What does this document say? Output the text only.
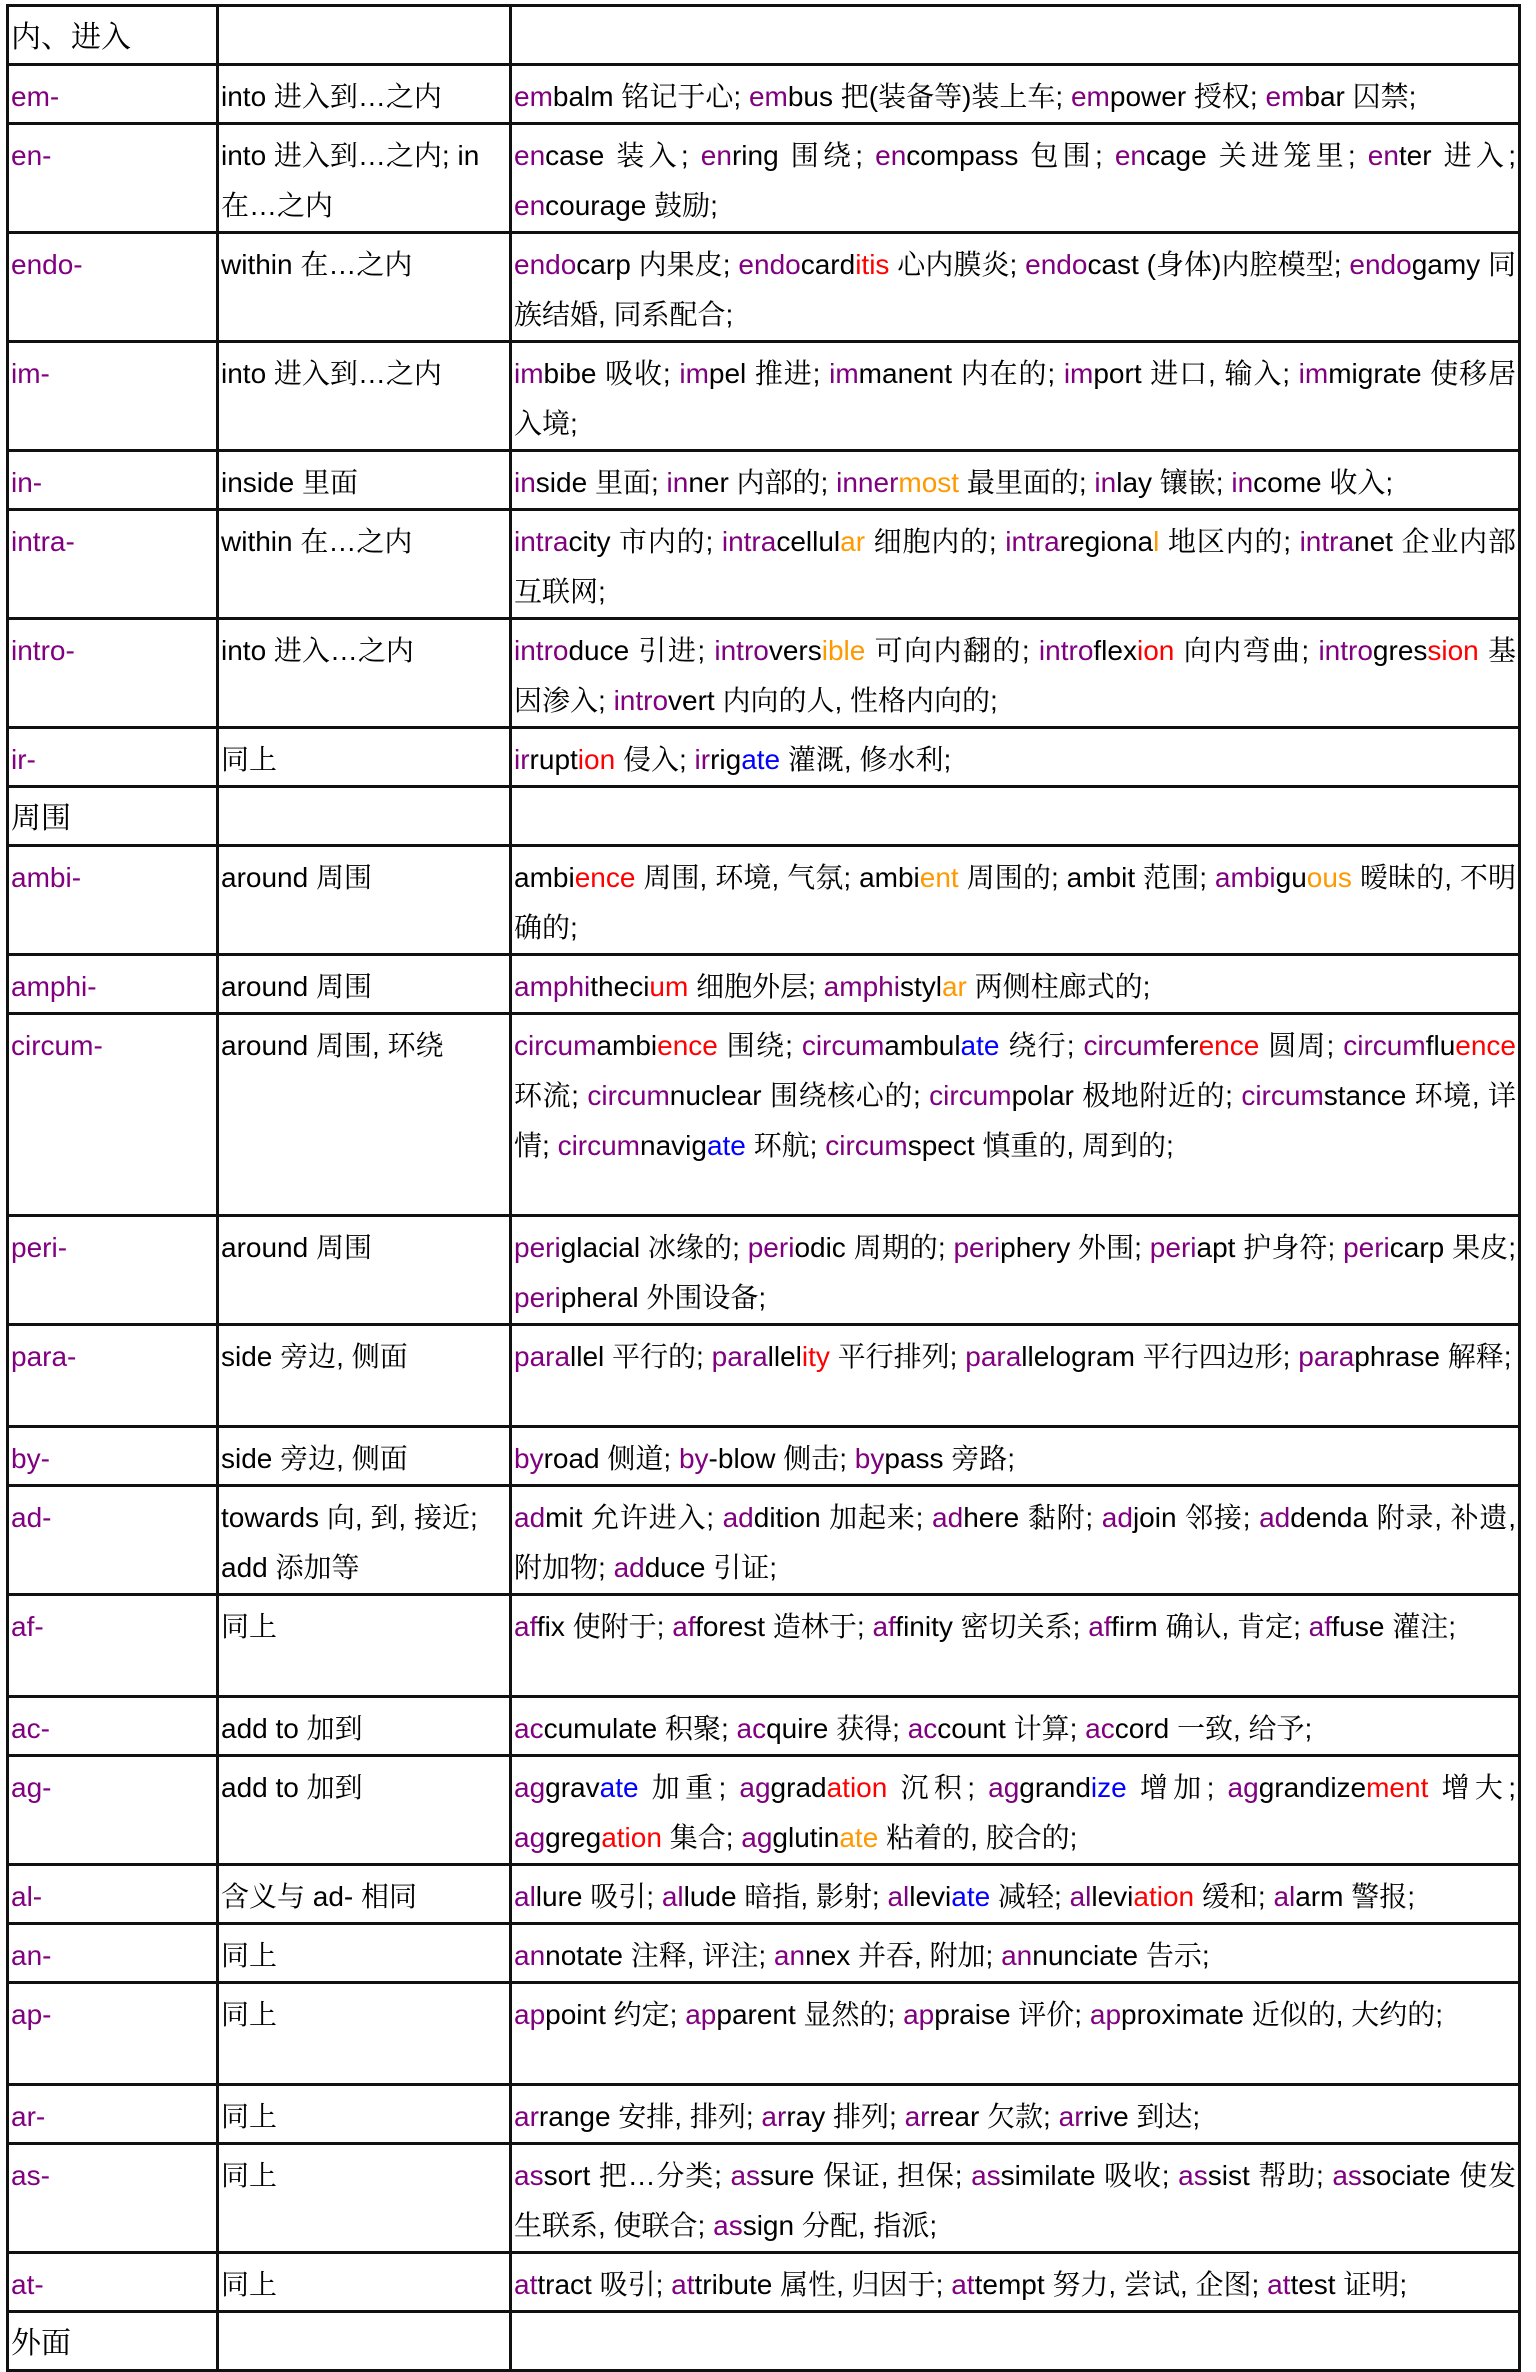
内、进入		
em-	into 进入到…之内	embalm 铭记于心; embus 把(装备等)装上车; empower 授权; embar 囚禁;
en-	into 进入到…之内; in 在…之内	encase 装入; enring 围绕; encompass 包围; encage 关进笼里; enter 进入; encourage 鼓励;
endo-	within 在…之内	endocarp 内果皮; endocarditis 心内膜炎; endocast (身体)内腔模型; endogamy 同族结婚, 同系配合;
im-	into 进入到…之内	imbibe 吸收; impel 推进; immanent 内在的; import 进口, 输入; immigrate 使移居入境;
in-	inside 里面	inside 里面; inner 内部的; innermost 最里面的; inlay 镶嵌; income 收入;
intra-	within 在…之内	intracity 市内的; intracellular 细胞内的; intraregional 地区内的; intranet 企业内部互联网;
intro-	into 进入…之内	introduce 引进; introversible 可向内翻的; introflexion 向内弯曲; introgression 基因渗入; introvert 内向的人, 性格内向的;
ir-	同上	irruption 侵入; irrigate 灌溉, 修水利;
周围		
ambi-	around 周围	ambience 周围, 环境, 气氛; ambient 周围的; ambit 范围; ambiguous 暧昧的, 不明确的;
amphi-	around 周围	amphithecium 细胞外层; amphistylar 两侧柱廊式的;
circum-	around 周围, 环绕	circumambience 围绕; circumambulate 绕行; circumference 圆周; circumfluence 环流; circumnuclear 围绕核心的; circumpolar 极地附近的; circumstance 环境, 详情; circumnavigate 环航; circumspect 慎重的, 周到的;
peri-	around 周围	periglacial 冰缘的; periodic 周期的; periphery 外围; periapt 护身符; pericarp 果皮; peripheral 外围设备;
para-	side 旁边, 侧面	parallel 平行的; parallelity 平行排列; parallelogram 平行四边形; paraphrase 解释;
by-	side 旁边, 侧面	byroad 侧道; by-blow 侧击; bypass 旁路;
ad-	towards 向, 到, 接近; add 添加等	admit 允许进入; addition 加起来; adhere 黏附; adjoin 邻接; addenda 附录, 补遗, 附加物; adduce 引证;
af-	同上	affix 使附于; afforest 造林于; affinity 密切关系; affirm 确认, 肯定; affuse 灌注;
ac-	add to 加到	accumulate 积聚; acquire 获得; account 计算; accord 一致, 给予;
ag-	add to 加到	aggravate 加重; aggradation 沉积; aggrandize 增加; aggrandizement 增大; aggregation 集合; agglutinate 粘着的, 胶合的;
al-	含义与 ad- 相同	allure 吸引; allude 暗指, 影射; alleviate 减轻; alleviation 缓和; alarm 警报;
an-	同上	annotate 注释, 评注; annex 并吞, 附加; annunciate 告示;
ap-	同上	appoint 约定; apparent 显然的; appraise 评价; approximate 近似的, 大约的;
ar-	同上	arrange 安排, 排列; array 排列; arrear 欠款; arrive 到达;
as-	同上	assort 把…分类; assure 保证, 担保; assimilate 吸收; assist 帮助; associate 使发生联系, 使联合; assign 分配, 指派;
at-	同上	attract 吸引; attribute 属性, 归因于; attempt 努力, 尝试, 企图; attest 证明;
外面		
